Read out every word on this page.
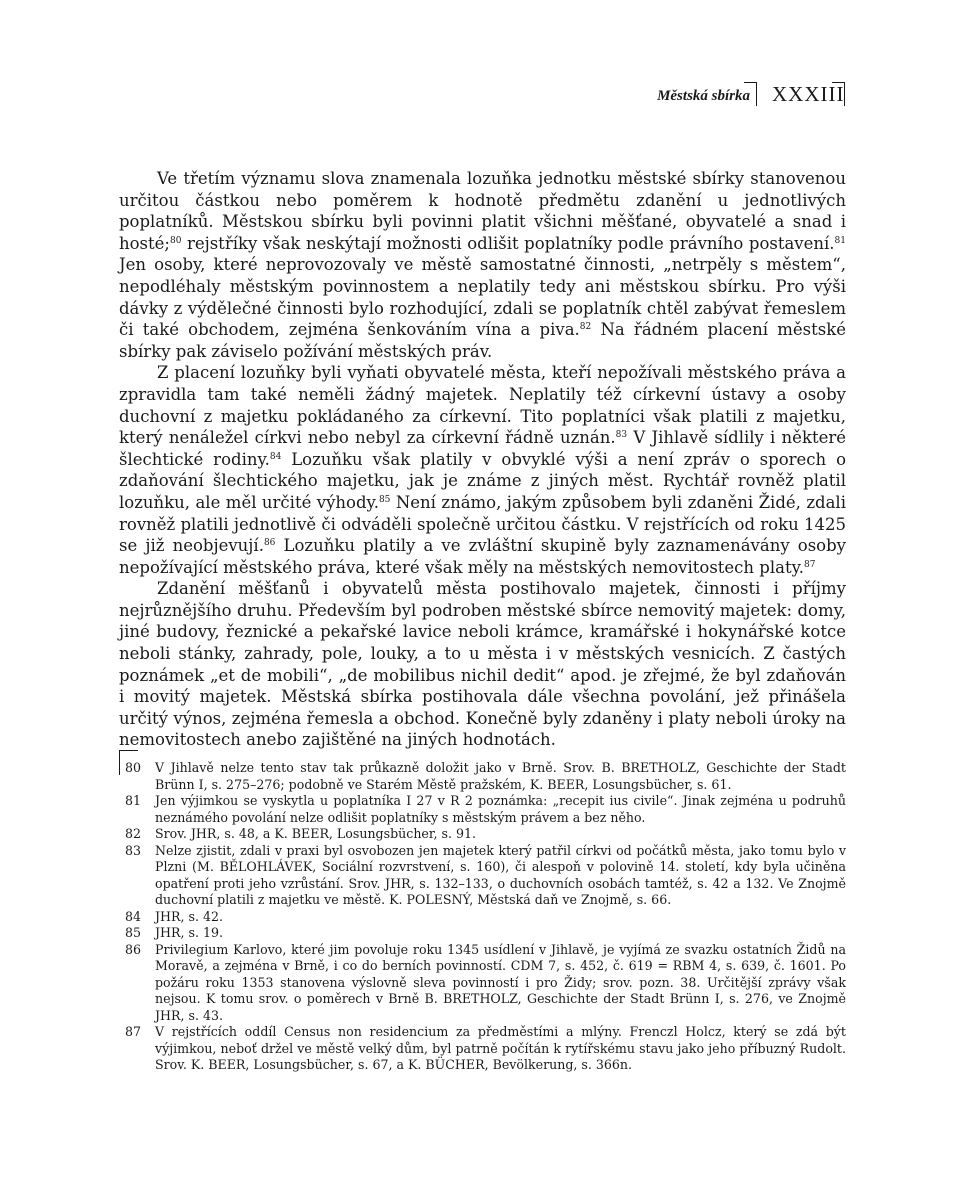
Městská sbírka XXXIII

Ve třetím významu slova znamenala lozuňka jednotku městské sbírky stanovenou určitou částkou nebo poměrem k hodnotě předmětu zdanění u jednotlivých poplatníků. Městskou sbírku byli povinni platit všichni měšťané, obyvatelé a snad i hosté;$^{80}$ rejstříky však neskýtají možnosti odlišit poplatníky podle právního postavení.$^{81}$ Jen osoby, které neprovozovaly ve městě samostatné činnosti, „netrpěly s městem“, nepodléhaly městským povinnostem a neplatily tedy ani městskou sbírku. Pro výši dávky z výdělečné činnosti bylo rozhodující, zdali se poplatník chtěl zabývat řemeslem či také obchodem, zejména šenkováním vína a piva.$^{82}$ Na řádném placení městské sbírky pak záviselo požívání městských práv.

Z placení lozuňky byli vyňati obyvatelé města, kteří nepožívali městského práva a zpravidla tam také neměli žádný majetek. Neplatily též církevní ústavy a osoby duchovní z majetku pokládaného za církevní. Tito poplatníci však platili z majetku, který nenáležel církvi nebo nebyl za církevní řádně uznán.$^{83}$ V Jihlavě sídlily i některé šlechtické rodiny.$^{84}$ Lozuňku však platily v obvyklé výši a není zpráv o sporech o zdaňování šlechtického majetku, jak je známe z jiných měst. Rychtář rovněž platil lozuňku, ale měl určité výhody.$^{85}$ Není známo, jakým způsobem byli zdaněni Židé, zdali rovněž platili jednotlivě či odváděli společně určitou částku. V rejstřících od roku 1425 se již neobjevují.$^{86}$ Lozuňku platily a ve zvláštní skupině byly zaznamenávány osoby nepožívající městského práva, které však měly na městských nemovitostech platy.$^{87}$

Zdanění měšťanů i obyvatelů města postihovalo majetek, činnosti i příjmy nejrůznějšího druhu. Především byl podroben městské sbírce nemovitý majetek: domy, jiné budovy, řeznické a pekařské lavice neboli krámce, kramářské i hokynářské kotce neboli stánky, zahrady, pole, louky, a to u města i v městských vesnicích. Z častých poznámek „et de mobili“, „de mobilibus nichil dedit“ apod. je zřejmé, že byl zdaňován i movitý majetek. Městská sbírka postihovala dále všechna povolání, jež přinášela určitý výnos, zejména řemesla a obchod. Konečně byly zdaněny i platy neboli úroky na nemovitostech anebo zajištěné na jiných hodnotách.

80	V Jihlavě nelze tento stav tak průkazně doložit jako v Brně. Srov. B. BRETHOLZ, Geschichte der Stadt Brünn I, s. 275–276; podobně ve Starém Městě pražském, K. BEER, Losungsbücher, s. 61.
81	Jen výjimkou se vyskytla u poplatníka I 27 v R 2 poznámka: „recepit ius civile“. Jinak zejména u podruhů neznámého povolání nelze odlišit poplatníky s městským právem a bez něho.
82	Srov. JHR, s. 48, a K. BEER, Losungsbücher, s. 91.
83	Nelze zjistit, zdali v praxi byl osvobozen jen majetek který patřil církvi od počátků města, jako tomu bylo v Plzni (M. BĚLOHLÁVEK, Sociální rozvrstvení, s. 160), či alespoň v polovině 14. století, kdy byla učiněna opatření proti jeho vzrůstání. Srov. JHR, s. 132–133, o duchovních osobách tamtéž, s. 42 a 132. Ve Znojmě duchovní platili z majetku ve městě. K. POLESNÝ, Městská daň ve Znojmě, s. 66.
84	JHR, s. 42.
85	JHR, s. 19.
86	Privilegium Karlovo, které jim povoluje roku 1345 usídlení v Jihlavě, je vyjímá ze svazku ostatních Židů na Moravě, a zejména v Brně, i co do berních povinností. CDM 7, s. 452, č. 619 = RBM 4, s. 639, č. 1601. Po požáru roku 1353 stanovena výslovně sleva povinností i pro Židy; srov. pozn. 38. Určitější zprávy však nejsou. K tomu srov. o poměrech v Brně B. BRETHOLZ, Geschichte der Stadt Brünn I, s. 276, ve Znojmě JHR, s. 43.
87	V rejstřících oddíl Census non residencium za předměstími a mlýny. Frenczl Holcz, který se zdá být výjimkou, neboť držel ve městě velký dům, byl patrně počítán k rytířskému stavu jako jeho příbuzný Rudolt. Srov. K. BEER, Losungsbücher, s. 67, a K. BÜCHER, Bevölkerung, s. 366n.
